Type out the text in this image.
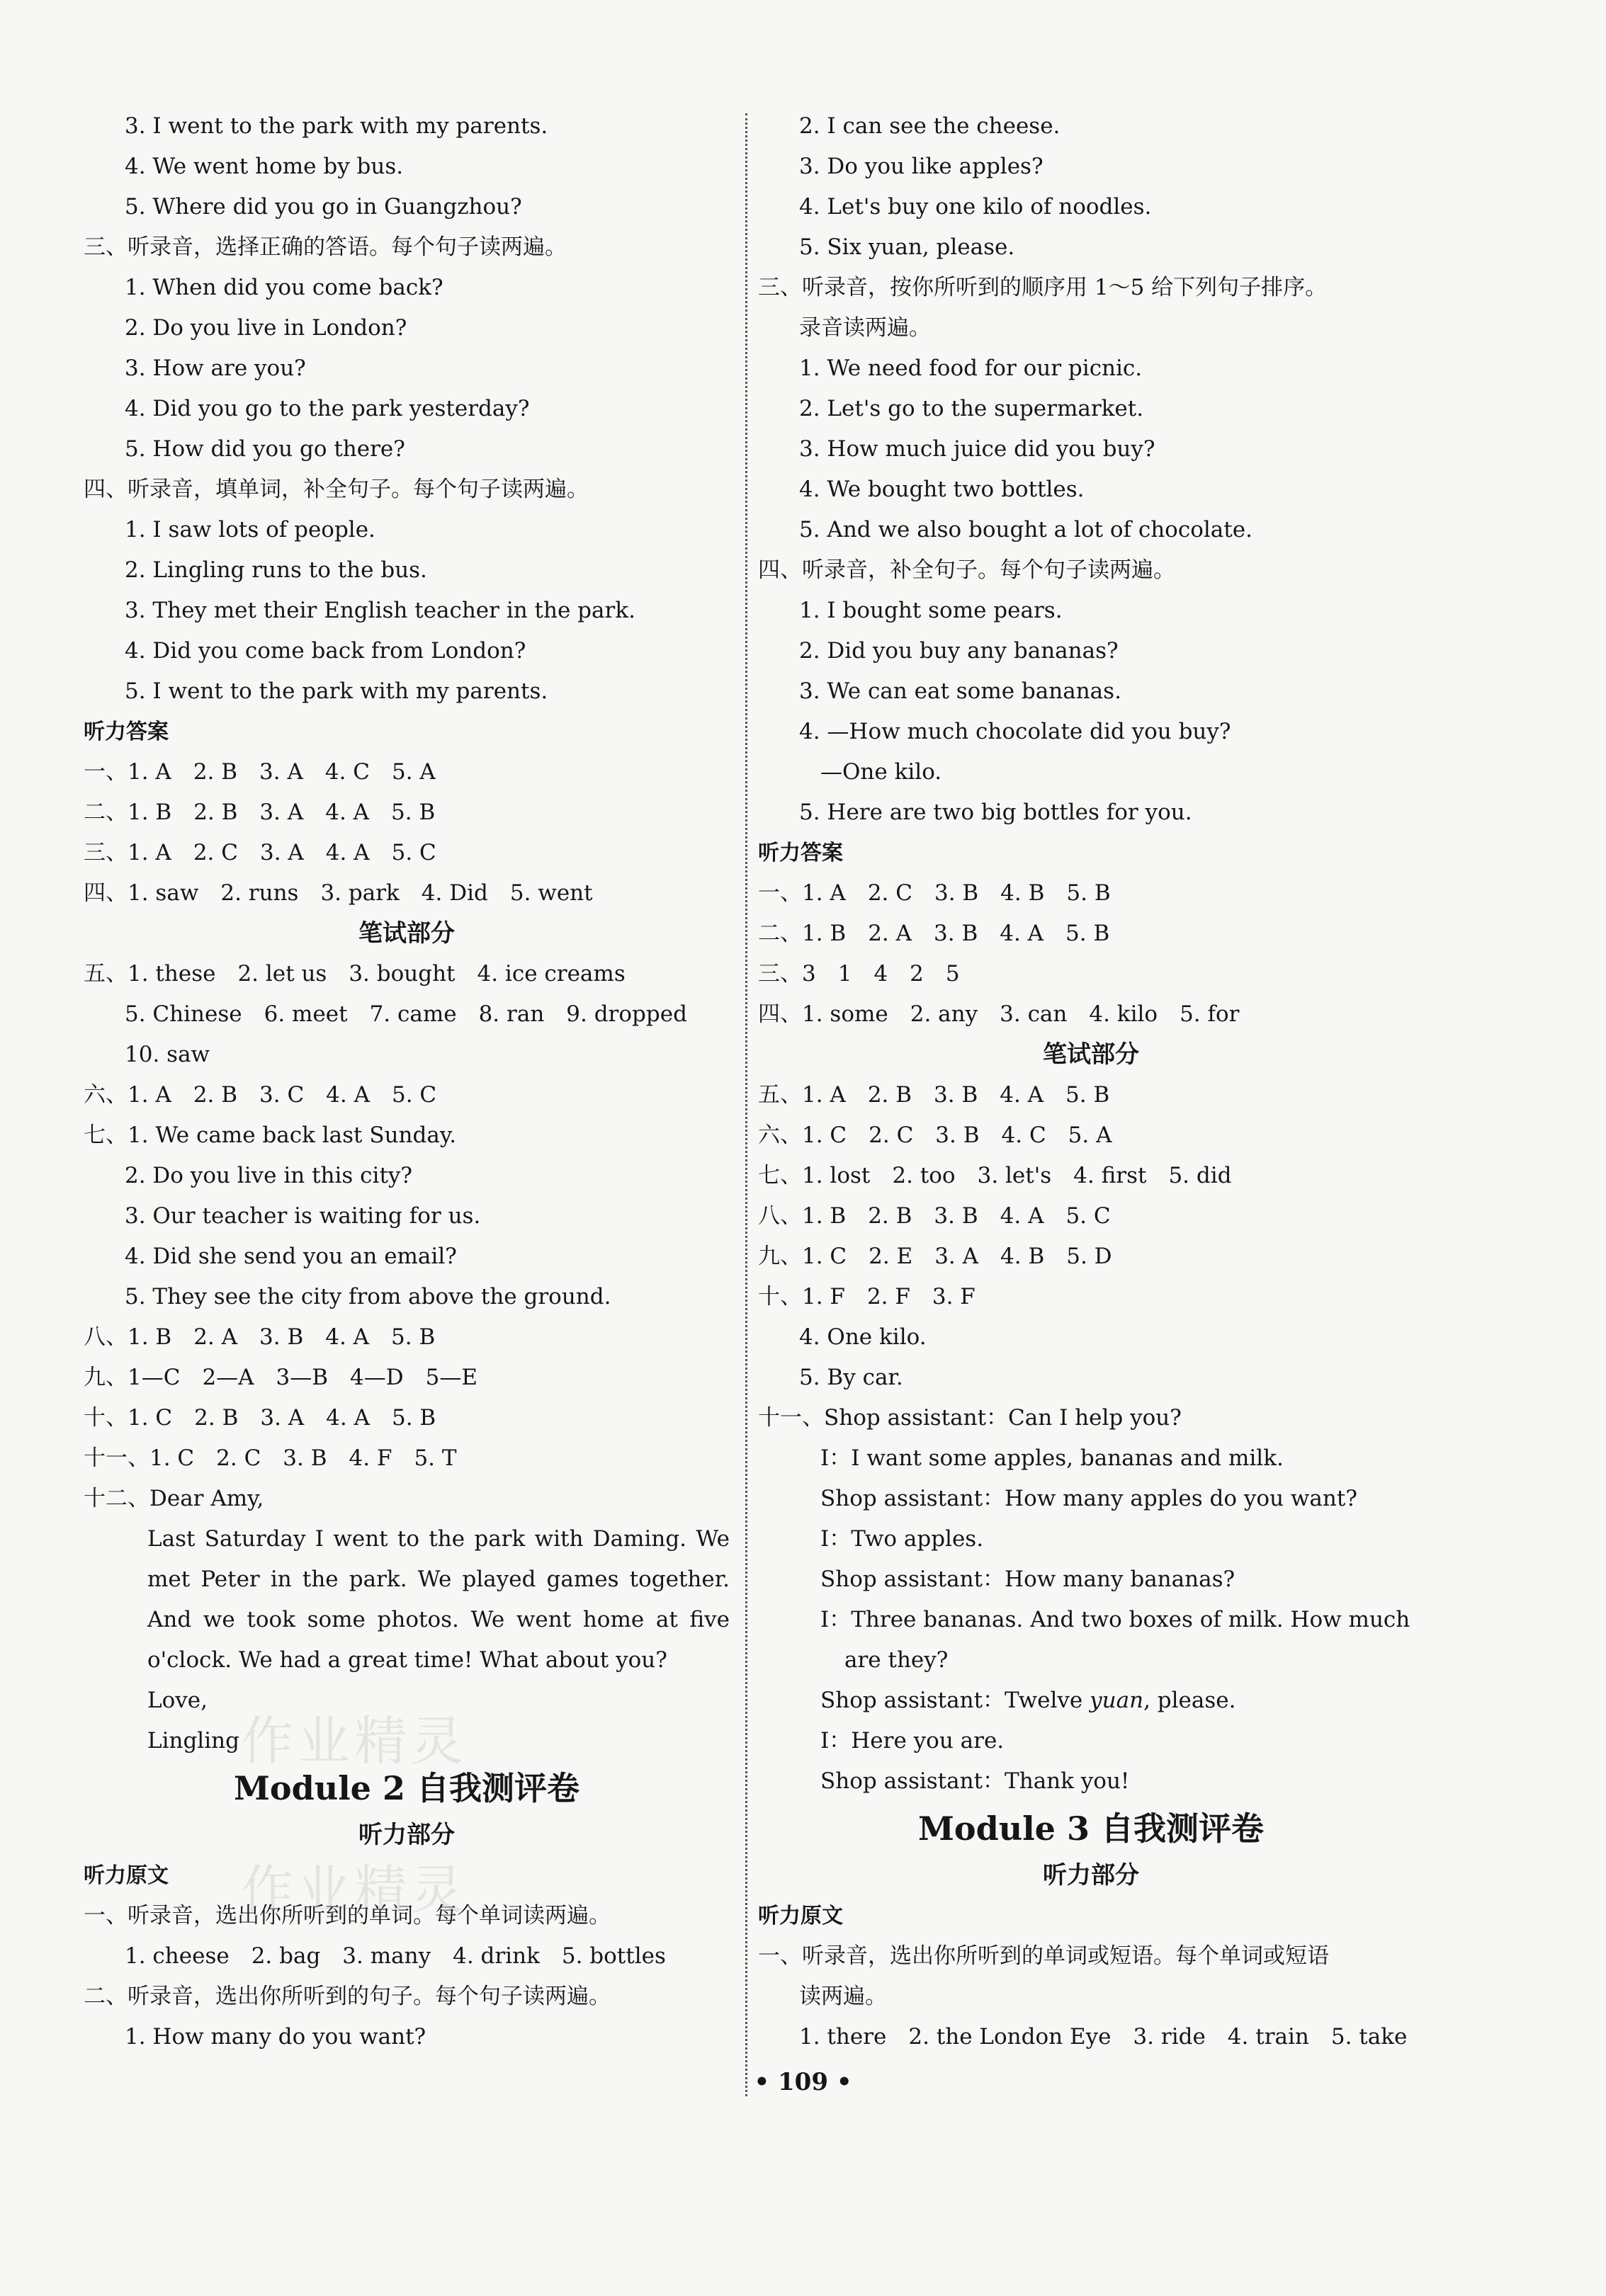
3. I went to the park with my parents.
4. We went home by bus.
5. Where did you go in Guangzhou?
三、听录音，选择正确的答语。每个句子读两遍。
1. When did you come back?
2. Do you live in London?
3. How are you?
4. Did you go to the park yesterday?
5. How did you go there?
四、听录音，填单词，补全句子。每个句子读两遍。
1. I saw lots of people.
2. Lingling runs to the bus.
3. They met their English teacher in the park.
4. Did you come back from London?
5. I went to the park with my parents.
听力答案
一、1. A　2. B　3. A　4. C　5. A
二、1. B　2. B　3. A　4. A　5. B
三、1. A　2. C　3. A　4. A　5. C
四、1. saw　2. runs　3. park　4. Did　5. went
笔试部分
五、1. these　2. let us　3. bought　4. ice creams
5. Chinese　6. meet　7. came　8. ran　9. dropped
10. saw
六、1. A　2. B　3. C　4. A　5. C
七、1. We came back last Sunday.
2. Do you live in this city?
3. Our teacher is waiting for us.
4. Did she send you an email?
5. They see the city from above the ground.
八、1. B　2. A　3. B　4. A　5. B
九、1—C　2—A　3—B　4—D　5—E
十、1. C　2. B　3. A　4. A　5. B
十一、1. C　2. C　3. B　4. F　5. T
十二、Dear Amy,
Last Saturday I went to the park with Daming. We met Peter in the park. We played games together. And we took some photos. We went home at five o'clock. We had a great time! What about you?
Love,
Lingling
Module 2 自我测评卷
听力部分
听力原文
一、听录音，选出你所听到的单词。每个单词读两遍。
1. cheese　2. bag　3. many　4. drink　5. bottles
二、听录音，选出你所听到的句子。每个句子读两遍。
1. How many do you want?
2. I can see the cheese.
3. Do you like apples?
4. Let's buy one kilo of noodles.
5. Six yuan, please.
三、听录音，按你所听到的顺序用 1～5 给下列句子排序。
录音读两遍。
1. We need food for our picnic.
2. Let's go to the supermarket.
3. How much juice did you buy?
4. We bought two bottles.
5. And we also bought a lot of chocolate.
四、听录音，补全句子。每个句子读两遍。
1. I bought some pears.
2. Did you buy any bananas?
3. We can eat some bananas.
4. —How much chocolate did you buy?
—One kilo.
5. Here are two big bottles for you.
听力答案
一、1. A　2. C　3. B　4. B　5. B
二、1. B　2. A　3. B　4. A　5. B
三、3　1　4　2　5
四、1. some　2. any　3. can　4. kilo　5. for
笔试部分
五、1. A　2. B　3. B　4. A　5. B
六、1. C　2. C　3. B　4. C　5. A
七、1. lost　2. too　3. let's　4. first　5. did
八、1. B　2. B　3. B　4. A　5. C
九、1. C　2. E　3. A　4. B　5. D
十、1. F　2. F　3. F
4. One kilo.
5. By car.
十一、Shop assistant：Can I help you?
I：I want some apples, bananas and milk.
Shop assistant：How many apples do you want?
I：Two apples.
Shop assistant：How many bananas?
I：Three bananas. And two boxes of milk. How much
are they?
Shop assistant：Twelve yuan, please.
I：Here you are.
Shop assistant：Thank you!
Module 3 自我测评卷
听力部分
听力原文
一、听录音，选出你所听到的单词或短语。每个单词或短语
读两遍。
1. there　2. the London Eye　3. ride　4. train　5. take
作业精灵
作业精灵
• 109 •
